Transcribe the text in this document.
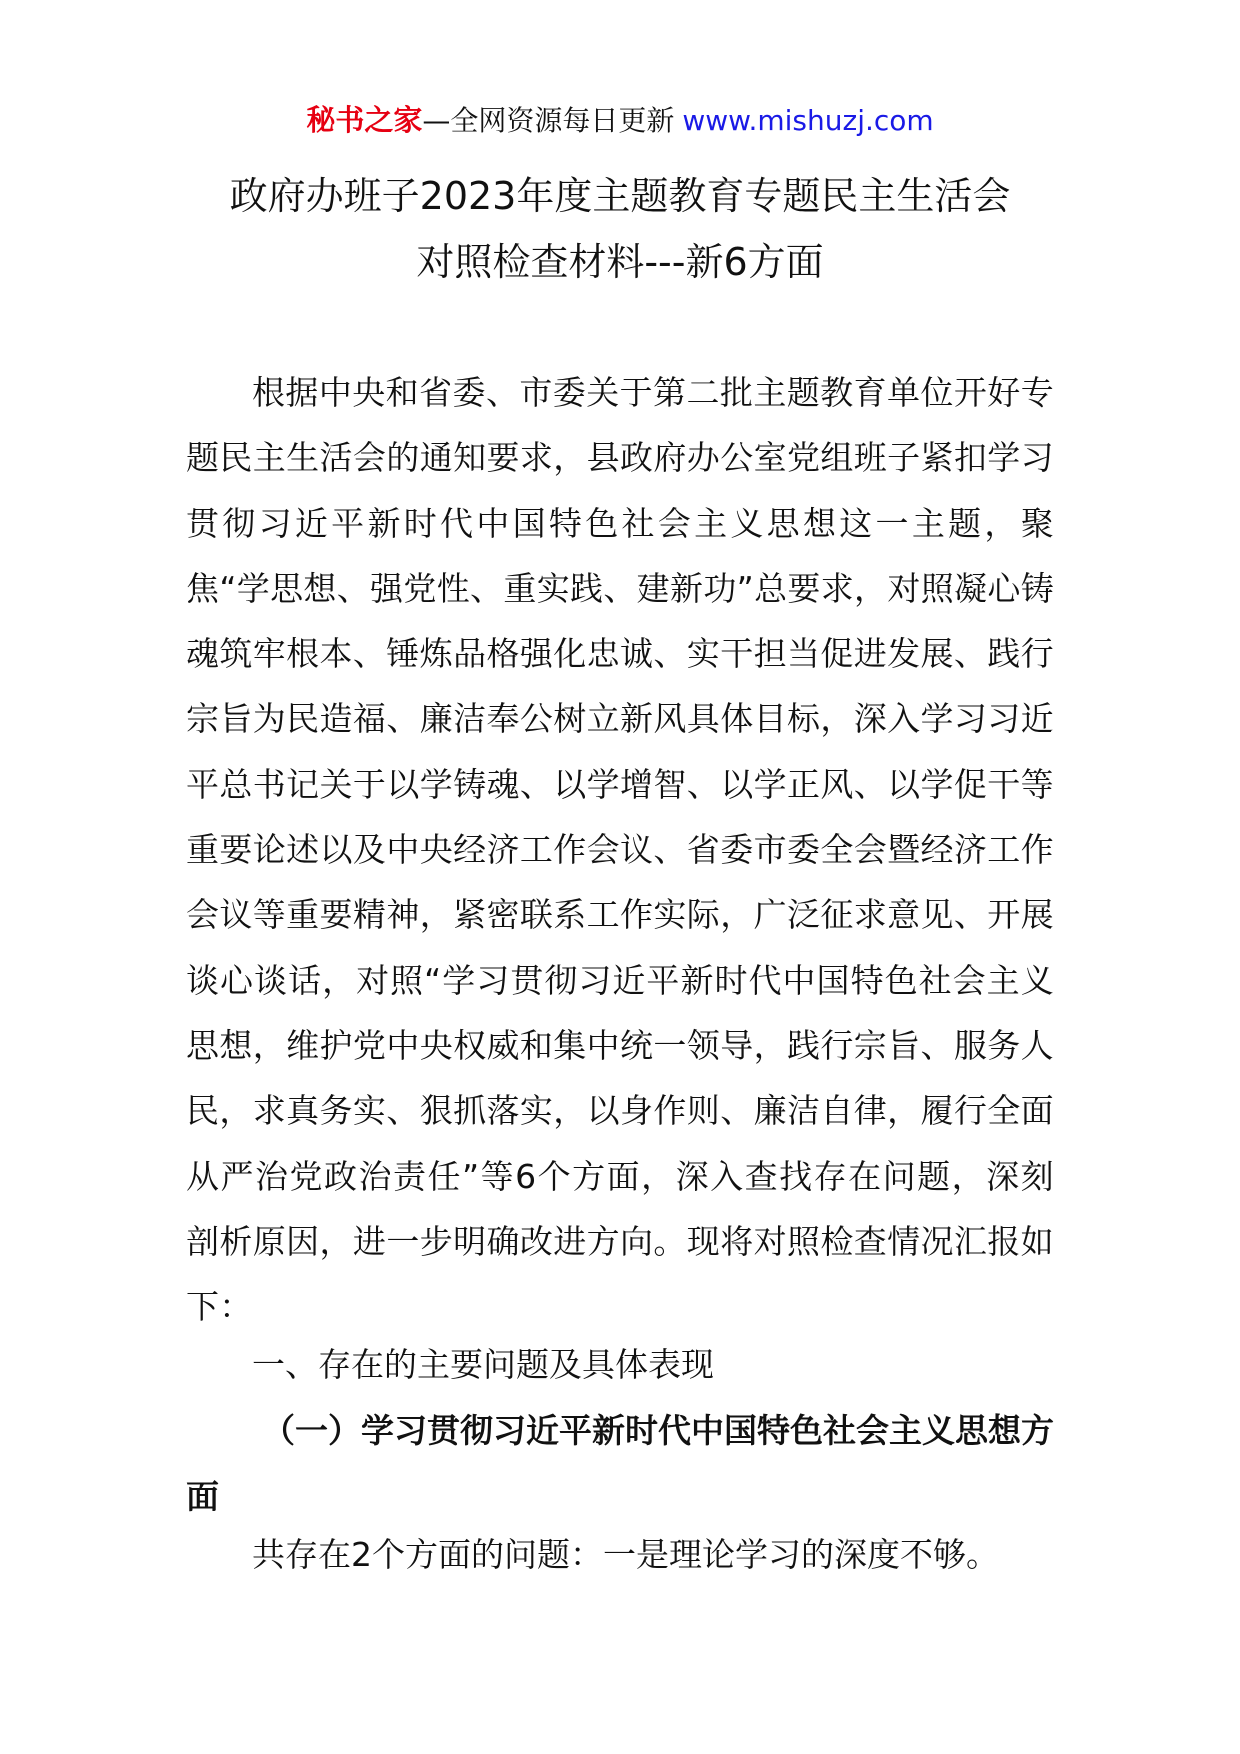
秘书之家—全网资源每日更新 www.mishuzj.com
政府办班子2023年度主题教育专题民主生活会
对照检查材料---新6方面

根据中央和省委、市委关于第二批主题教育单位开好专题民主生活会的通知要求，县政府办公室党组班子紧扣学习贯彻习近平新时代中国特色社会主义思想这一主题，聚焦“学思想、强党性、重实践、建新功”总要求，对照凝心铸魂筑牢根本、锤炼品格强化忠诚、实干担当促进发展、践行宗旨为民造福、廉洁奉公树立新风具体目标，深入学习习近平总书记关于以学铸魂、以学增智、以学正风、以学促干等重要论述以及中央经济工作会议、省委市委全会暨经济工作会议等重要精神，紧密联系工作实际，广泛征求意见、开展谈心谈话，对照“学习贯彻习近平新时代中国特色社会主义思想，维护党中央权威和集中统一领导，践行宗旨、服务人民，求真务实、狠抓落实，以身作则、廉洁自律，履行全面从严治党政治责任”等6个方面，深入查找存在问题，深刻剖析原因，进一步明确改进方向。现将对照检查情况汇报如下：

一、存在的主要问题及具体表现
（一）学习贯彻习近平新时代中国特色社会主义思想方面

共存在2个方面的问题：一是理论学习的深度不够。
